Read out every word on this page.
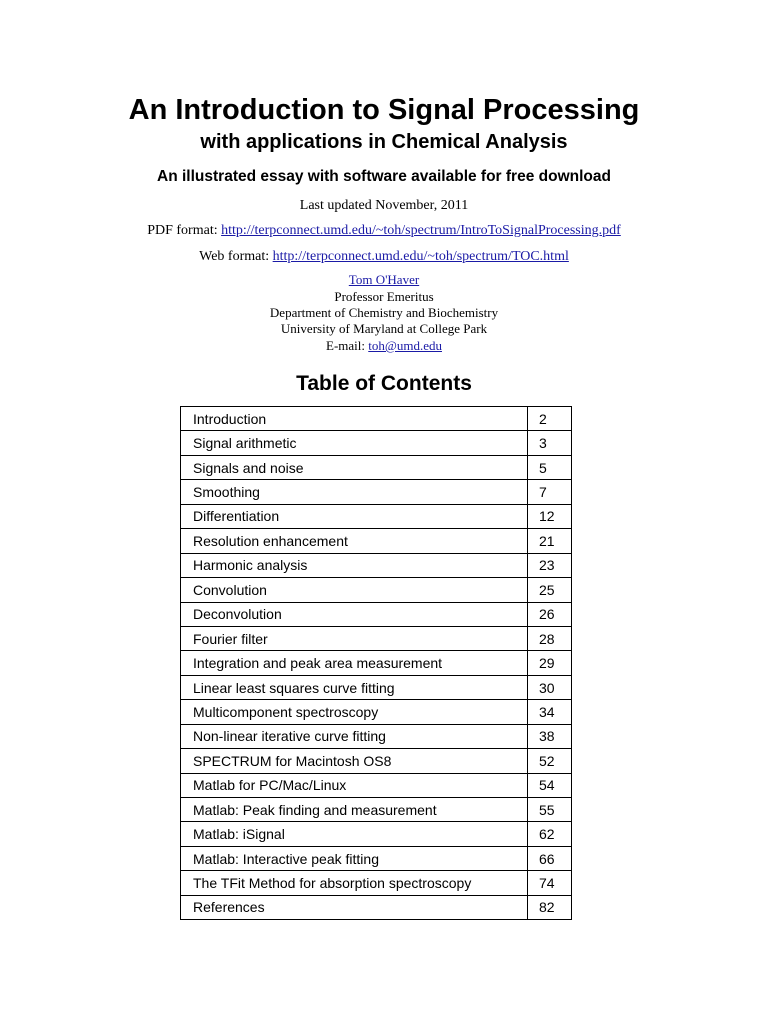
An Introduction to Signal Processing
with applications in Chemical Analysis
An illustrated essay with software available for free download
Last updated November, 2011
PDF format: http://terpconnect.umd.edu/~toh/spectrum/IntroToSignalProcessing.pdf
Web format: http://terpconnect.umd.edu/~toh/spectrum/TOC.html
Tom O'Haver
Professor Emeritus
Department of Chemistry and Biochemistry
University of Maryland at College Park
E-mail: toh@umd.edu
Table of Contents
Introduction	2
Signal arithmetic	3
Signals and noise	5
Smoothing	7
Differentiation	12
Resolution enhancement	21
Harmonic analysis	23
Convolution	25
Deconvolution	26
Fourier filter	28
Integration and peak area measurement	29
Linear least squares curve fitting	30
Multicomponent spectroscopy	34
Non-linear iterative curve fitting	38
SPECTRUM for Macintosh OS8	52
Matlab for PC/Mac/Linux	54
Matlab: Peak finding and measurement	55
Matlab: iSignal	62
Matlab: Interactive peak fitting	66
The TFit Method for absorption spectroscopy	74
References	82
